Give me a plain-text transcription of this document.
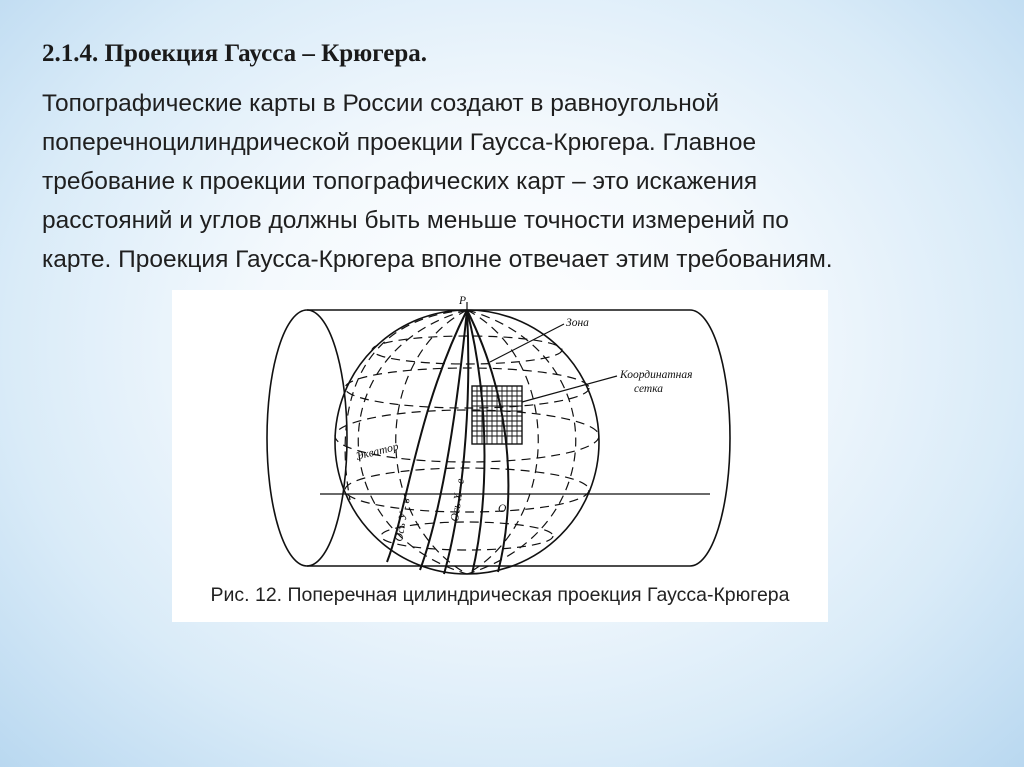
2.1.4. Проекция Гаусса – Крюгера.
Топографические карты в России создают в равноугольной
поперечноцилиндрической проекции Гаусса-Крюгера. Главное
требование к проекции топографических карт – это искажения
расстояний и углов должны быть меньше точности измерений по
карте. Проекция Гаусса-Крюгера вполне отвечает этим требованиям.
P
Зона
Координатная
сетка
Экватор
Ось У - в	Ось Х - е	О
Рис. 12. Поперечная цилиндрическая проекция Гаусса-Крюгера
